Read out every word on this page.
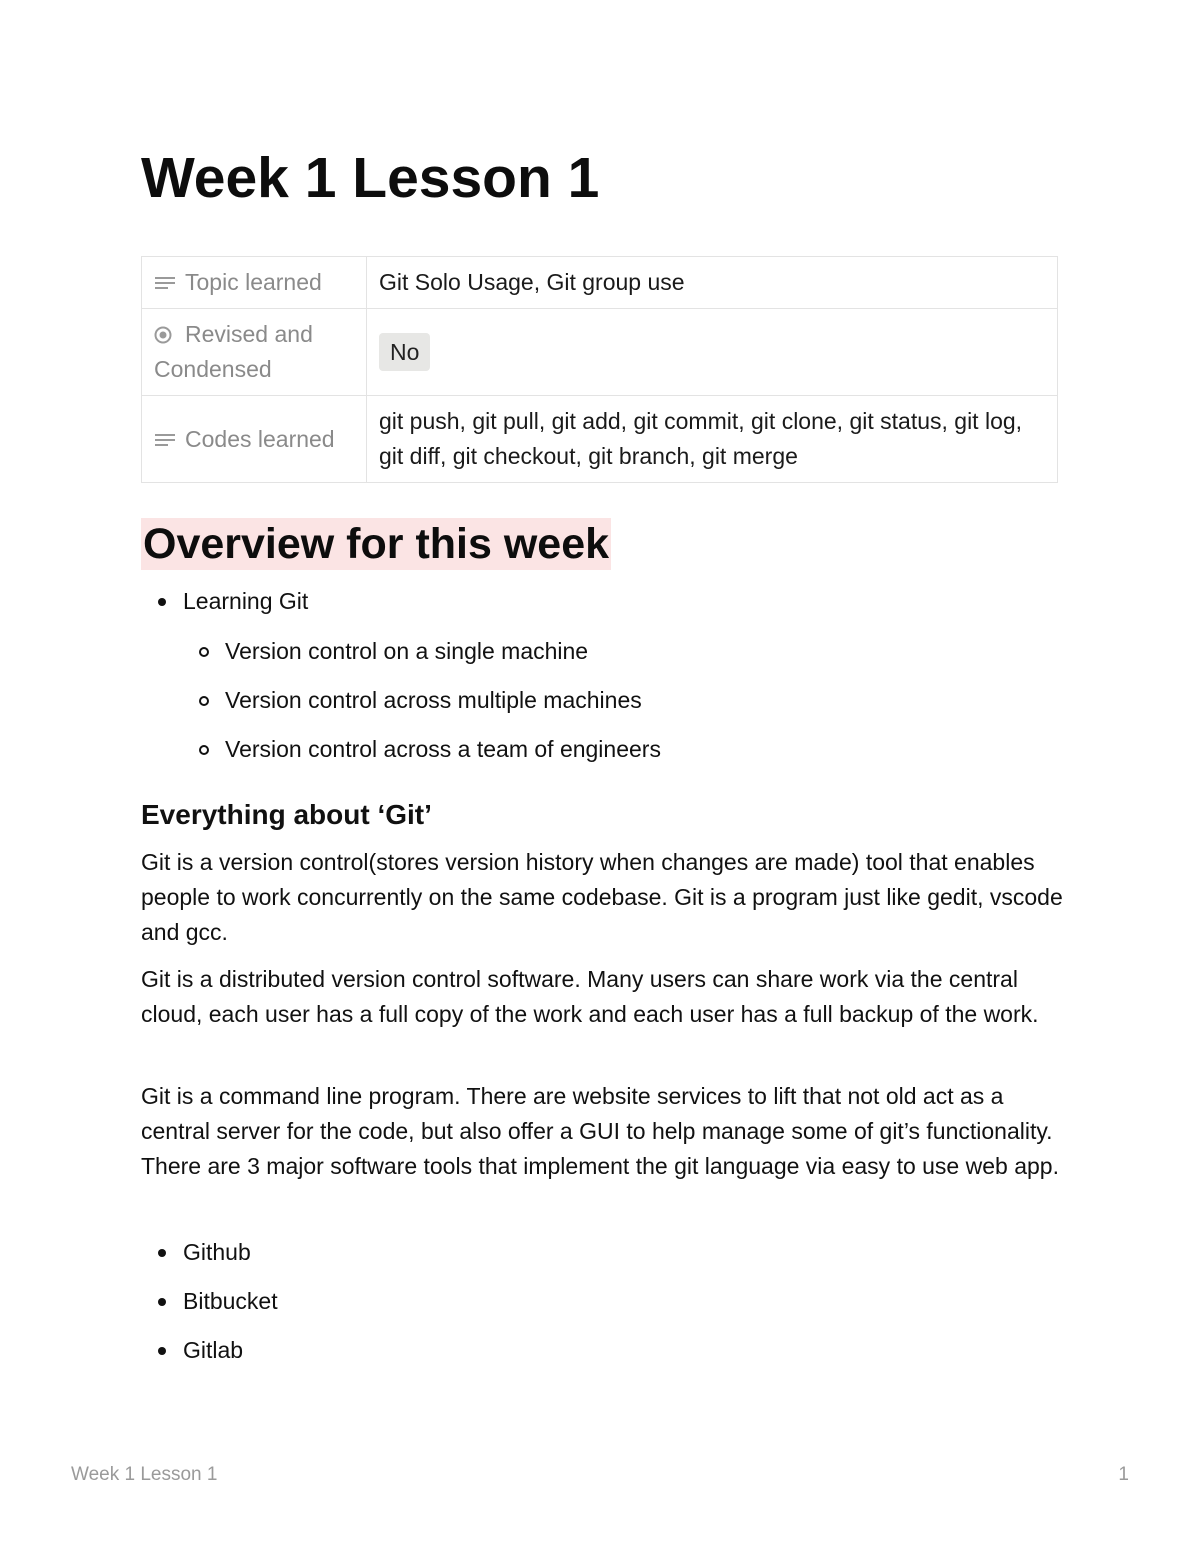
Week 1 Lesson 1
Topic learned	Git Solo Usage, Git group use
Revised and Condensed	No
Codes learned	git push, git pull, git add, git commit, git clone, git status, git log, git diff, git checkout, git branch, git merge
Overview for this week
Learning Git
Version control on a single machine
Version control across multiple machines
Version control across a team of engineers
Everything about ‘Git’

Git is a version control(stores version history when changes are made) tool that enables people to work concurrently on the same codebase. Git is a program just like gedit, vscode and gcc.

Git is a distributed version control software. Many users can share work via the central cloud, each user has a full copy of the work and each user has a full backup of the work.

Git is a command line program. There are website services to lift that not old act as a central server for the code, but also offer a GUI to help manage some of git’s functionality. There are 3 major software tools that implement the git language via easy to use web app.

Github
Bitbucket
Gitlab
Week 1 Lesson 1	1
